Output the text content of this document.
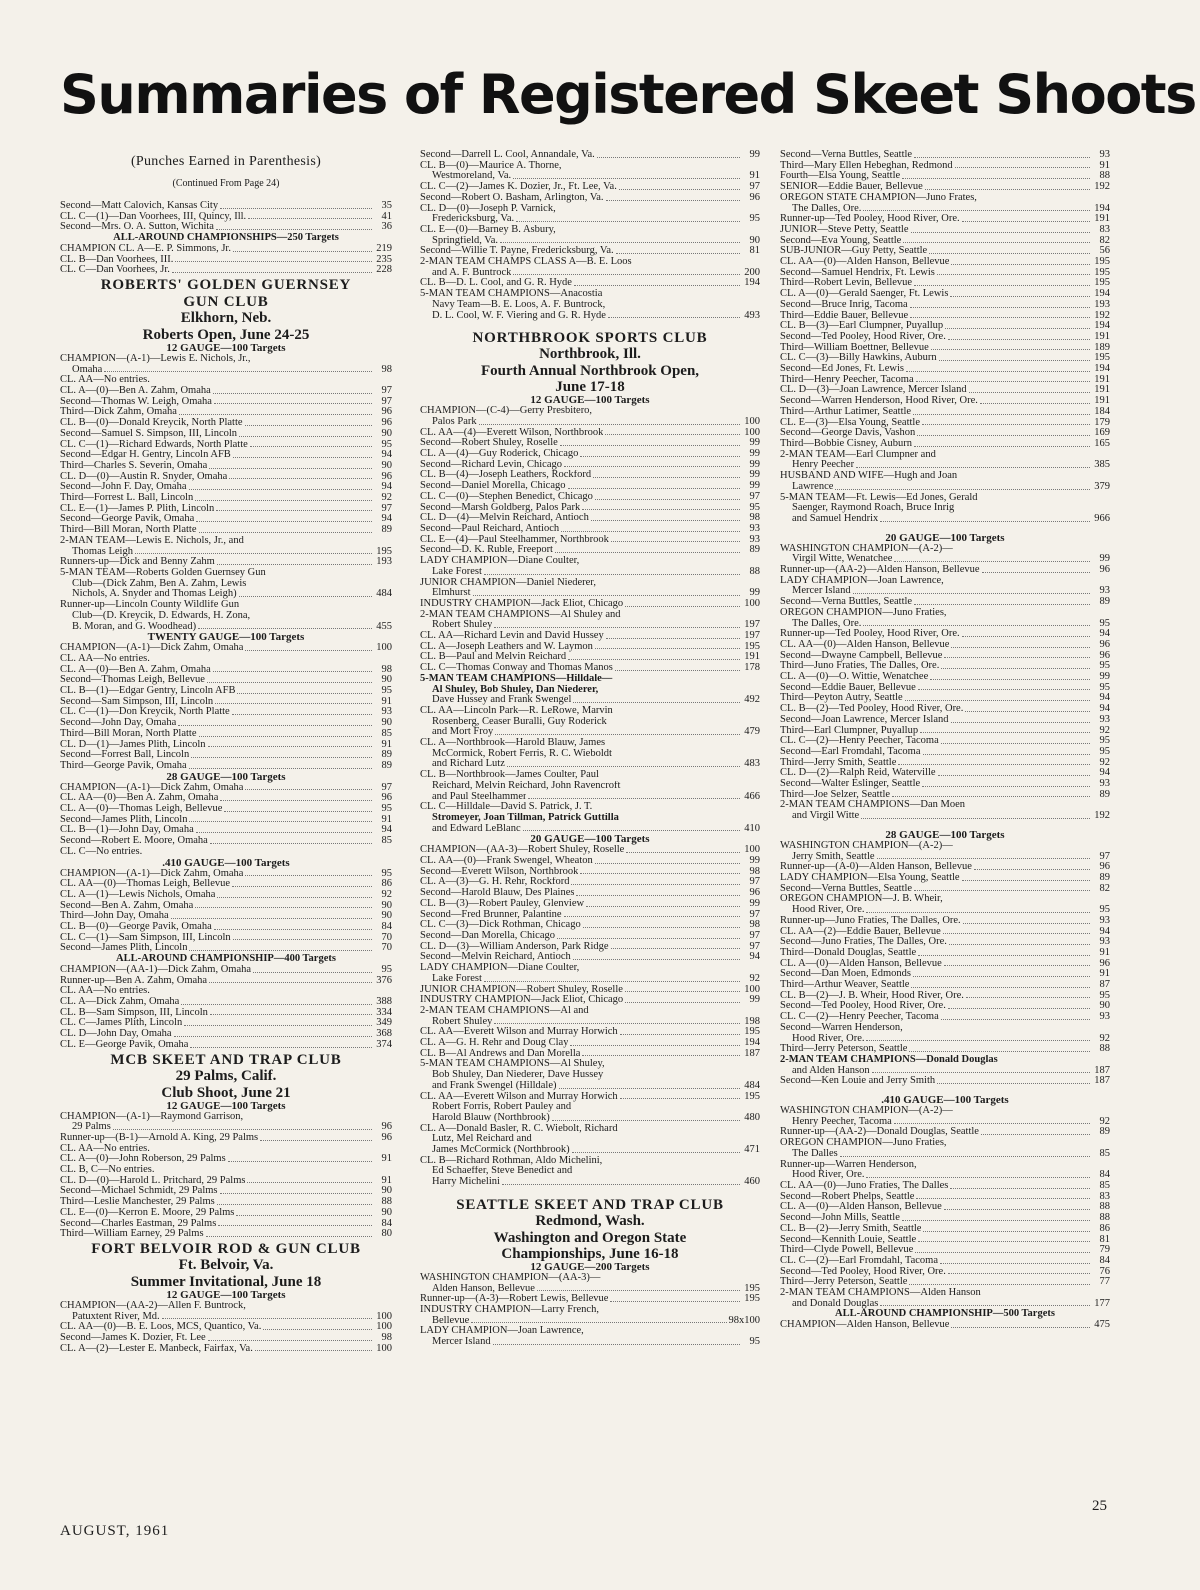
Summaries of Registered Skeet Shoots
(Punches Earned in Parenthesis)
(Continued From Page 24)
Second—Matt Calovich, Kansas City	35
CL. C—(1)—Dan Voorhees, III, Quincy, Ill.	41
Second—Mrs. O. A. Sutton, Wichita	36
ALL-AROUND CHAMPIONSHIPS—250 Targets
CHAMPION CL. A—E. P. Simmons, Jr.	219
CL. B—Dan Voorhees, III.	235
CL. C—Dan Voorhees, Jr.	228
ROBERTS' GOLDEN GUERNSEY
GUN CLUB
Elkhorn, Neb.
Roberts Open, June 24-25
12 GAUGE—100 Targets
CHAMPION—(A-1)—Lewis E. Nichols, Jr.,
Omaha	98
CL. AA—No entries.
CL. A—(0)—Ben A. Zahm, Omaha	97
Second—Thomas W. Leigh, Omaha	97
Third—Dick Zahm, Omaha	96
CL. B—(0)—Donald Kreycik, North Platte	96
Second—Samuel S. Simpson, III, Lincoln	90
CL. C—(1)—Richard Edwards, North Platte	95
Second—Edgar H. Gentry, Lincoln AFB	94
Third—Charles S. Severin, Omaha	90
CL. D—(0)—Austin R. Snyder, Omaha	96
Second—John F. Day, Omaha	94
Third—Forrest L. Ball, Lincoln	92
CL. E—(1)—James P. Plith, Lincoln	97
Second—George Pavik, Omaha	94
Third—Bill Moran, North Platte	89
2-MAN TEAM—Lewis E. Nichols, Jr., and
Thomas Leigh	195
Runners-up—Dick and Benny Zahm	193
5-MAN TEAM—Roberts Golden Guernsey Gun
Club—(Dick Zahm, Ben A. Zahm, Lewis
Nichols, A. Snyder and Thomas Leigh)	484
Runner-up—Lincoln County Wildlife Gun
Club—(D. Kreycik, D. Edwards, H. Zona,
B. Moran, and G. Woodhead)	455
TWENTY GAUGE—100 Targets
CHAMPION—(A-1)—Dick Zahm, Omaha	100
CL. AA—No entries.
CL. A—(0)—Ben A. Zahm, Omaha	98
Second—Thomas Leigh, Bellevue	90
CL. B—(1)—Edgar Gentry, Lincoln AFB	95
Second—Sam Simpson, III, Lincoln	91
CL. C—(1)—Don Kreycik, North Platte	93
Second—John Day, Omaha	90
Third—Bill Moran, North Platte	85
CL. D—(1)—James Plith, Lincoln	91
Second—Forrest Ball, Lincoln	89
Third—George Pavik, Omaha	89
28 GAUGE—100 Targets
CHAMPION—(A-1)—Dick Zahm, Omaha	97
CL. AA—(0)—Ben A. Zahm, Omaha	96
CL. A—(0)—Thomas Leigh, Bellevue	95
Second—James Plith, Lincoln	91
CL. B—(1)—John Day, Omaha	94
Second—Robert E. Moore, Omaha	85
CL. C—No entries.
.410 GAUGE—100 Targets
CHAMPION—(A-1)—Dick Zahm, Omaha	95
CL. AA—(0)—Thomas Leigh, Bellevue	86
CL. A—(1)—Lewis Nichols, Omaha	92
Second—Ben A. Zahm, Omaha	90
Third—John Day, Omaha	90
CL. B—(0)—George Pavik, Omaha	84
CL. C—(1)—Sam Simpson, III, Lincoln	70
Second—James Plith, Lincoln	70
ALL-AROUND CHAMPIONSHIP—400 Targets
CHAMPION—(AA-1)—Dick Zahm, Omaha	95
Runner-up—Ben A. Zahm, Omaha	376
CL. AA—No entries.
CL. A—Dick Zahm, Omaha	388
CL. B—Sam Simpson, III, Lincoln	334
CL. C—James Plith, Lincoln	349
CL. D—John Day, Omaha	368
CL. E—George Pavik, Omaha	374
MCB SKEET AND TRAP CLUB
29 Palms, Calif.
Club Shoot, June 21
12 GAUGE—100 Targets
CHAMPION—(A-1)—Raymond Garrison,
29 Palms	96
Runner-up—(B-1)—Arnold A. King, 29 Palms	96
CL. AA—No entries.
CL. A—(0)—John Roberson, 29 Palms	91
CL. B, C—No entries.
CL. D—(0)—Harold L. Pritchard, 29 Palms	91
Second—Michael Schmidt, 29 Palms	90
Third—Leslie Manchester, 29 Palms	88
CL. E—(0)—Kerron E. Moore, 29 Palms	90
Second—Charles Eastman, 29 Palms	84
Third—William Earney, 29 Palms	80
FORT BELVOIR ROD & GUN CLUB
Ft. Belvoir, Va.
Summer Invitational, June 18
12 GAUGE—100 Targets
CHAMPION—(AA-2)—Allen F. Buntrock,
Patuxtent River, Md.	100
CL. AA—(0)—B. E. Loos, MCS, Quantico, Va.	100
Second—James K. Dozier, Ft. Lee	98
CL. A—(2)—Lester E. Manbeck, Fairfax, Va.	100
Second—Darrell L. Cool, Annandale, Va.	99
CL. B—(0)—Maurice A. Thorne,
Westmoreland, Va.	91
CL. C—(2)—James K. Dozier, Jr., Ft. Lee, Va.	97
Second—Robert O. Basham, Arlington, Va.	96
CL. D—(0)—Joseph P. Varnick,
Fredericksburg, Va.	95
CL. E—(0)—Barney B. Asbury,
Springfield, Va.	90
Second—Willie T. Payne, Fredericksburg, Va.	81
2-MAN TEAM CHAMPS CLASS A—B. E. Loos
and A. F. Buntrock	200
CL. B—D. L. Cool, and G. R. Hyde	194
5-MAN TEAM CHAMPIONS—Anacostia
Navy Team—B. E. Loos, A. F. Buntrock,
D. L. Cool, W. F. Viering and G. R. Hyde	493
NORTHBROOK SPORTS CLUB
Northbrook, Ill.
Fourth Annual Northbrook Open,
June 17-18
12 GAUGE—100 Targets
CHAMPION—(C-4)—Gerry Presbitero,
Palos Park	100
CL. AA—(4)—Everett Wilson, Northbrook	100
Second—Robert Shuley, Roselle	99
CL. A—(4)—Guy Roderick, Chicago	99
Second—Richard Levin, Chicago	99
CL. B—(4)—Joseph Leathers, Rockford	99
Second—Daniel Morella, Chicago	99
CL. C—(0)—Stephen Benedict, Chicago	97
Second—Marsh Goldberg, Palos Park	95
CL. D—(4)—Melvin Reichard, Antioch	98
Second—Paul Reichard, Antioch	93
CL. E—(4)—Paul Steelhammer, Northbrook	93
Second—D. K. Ruble, Freeport	89
LADY CHAMPION—Diane Coulter,
Lake Forest	88
JUNIOR CHAMPION—Daniel Niederer,
Elmhurst	99
INDUSTRY CHAMPION—Jack Eliot, Chicago	100
2-MAN TEAM CHAMPIONS—Al Shuley and
Robert Shuley	197
CL. AA—Richard Levin and David Hussey	197
CL. A—Joseph Leathers and W. Laymon	195
CL. B—Paul and Melvin Reichard	191
CL. C—Thomas Conway and Thomas Manos	178
5-MAN TEAM CHAMPIONS—Hilldale—
Al Shuley, Bob Shuley, Dan Niederer,
Dave Hussey and Frank Swengel	492
CL. AA—Lincoln Park—R. LeRowe, Marvin
Rosenberg, Ceaser Buralli, Guy Roderick
and Mort Froy	479
CL. A—Northbrook—Harold Blauw, James
McCormick, Robert Ferris, R. C. Wieboldt
and Richard Lutz	483
CL. B—Northbrook—James Coulter, Paul
Reichard, Melvin Reichard, John Ravencroft
and Paul Steelhammer	466
CL. C—Hilldale—David S. Patrick, J. T.
Stromeyer, Joan Tillman, Patrick Guttilla
and Edward LeBlanc	410
20 GAUGE—100 Targets
CHAMPION—(AA-3)—Robert Shuley, Roselle	100
CL. AA—(0)—Frank Swengel, Wheaton	99
Second—Everett Wilson, Northbrook	98
CL. A—(3)—G. H. Rehr, Rockford	97
Second—Harold Blauw, Des Plaines	96
CL. B—(3)—Robert Pauley, Glenview	99
Second—Fred Brunner, Palantine	97
CL. C—(3)—Dick Rothman, Chicago	98
Second—Dan Morella, Chicago	97
CL. D—(3)—William Anderson, Park Ridge	97
Second—Melvin Reichard, Antioch	94
LADY CHAMPION—Diane Coulter,
Lake Forest	92
JUNIOR CHAMPION—Robert Shuley, Roselle	100
INDUSTRY CHAMPION—Jack Eliot, Chicago	99
2-MAN TEAM CHAMPIONS—Al and
Robert Shuley	198
CL. AA—Everett Wilson and Murray Horwich	195
CL. A—G. H. Rehr and Doug Clay	194
CL. B—Al Andrews and Dan Morella	187
5-MAN TEAM CHAMPIONS—Al Shuley,
Bob Shuley, Dan Niederer, Dave Hussey
and Frank Swengel (Hilldale)	484
CL. AA—Everett Wilson and Murray Horwich	195
Robert Forris, Robert Pauley and
Harold Blauw (Northbrook)	480
CL. A—Donald Basler, R. C. Wiebolt, Richard
Lutz, Mel Reichard and
James McCormick (Northbrook)	471
CL. B—Richard Rothman, Aldo Michelini,
Ed Schaeffer, Steve Benedict and
Harry Michelini	460
SEATTLE SKEET AND TRAP CLUB
Redmond, Wash.
Washington and Oregon State
Championships, June 16-18
12 GAUGE—200 Targets
WASHINGTON CHAMPION—(AA-3)—
Alden Hanson, Bellevue	195
Runner-up—(A-3)—Robert Lewis, Bellevue	195
INDUSTRY CHAMPION—Larry French,
Bellevue	98x100
LADY CHAMPION—Joan Lawrence,
Mercer Island	95
Second—Verna Buttles, Seattle	93
Third—Mary Ellen Hebeghan, Redmond	91
Fourth—Elsa Young, Seattle	88
SENIOR—Eddie Bauer, Bellevue	192
OREGON STATE CHAMPION—Juno Frates,
The Dalles, Ore.	194
Runner-up—Ted Pooley, Hood River, Ore.	191
JUNIOR—Steve Petty, Seattle	83
Second—Eva Young, Seattle	82
SUB-JUNIOR—Guy Petty, Seattle	56
CL. AA—(0)—Alden Hanson, Bellevue	195
Second—Samuel Hendrix, Ft. Lewis	195
Third—Robert Levin, Bellevue	195
CL. A—(0)—Gerald Saenger, Ft. Lewis	194
Second—Bruce Inrig, Tacoma	193
Third—Eddie Bauer, Bellevue	192
CL. B—(3)—Earl Clumpner, Puyallup	194
Second—Ted Pooley, Hood River, Ore.	191
Third—William Boettner, Bellevue	189
CL. C—(3)—Billy Hawkins, Auburn	195
Second—Ed Jones, Ft. Lewis	194
Third—Henry Peecher, Tacoma	191
CL. D—(3)—Joan Lawrence, Mercer Island	191
Second—Warren Henderson, Hood River, Ore.	191
Third—Arthur Latimer, Seattle	184
CL. E—(3)—Elsa Young, Seattle	179
Second—George Davis, Vashon	169
Third—Bobbie Cisney, Auburn	165
2-MAN TEAM—Earl Clumpner and
Henry Peecher	385
HUSBAND AND WIFE—Hugh and Joan
Lawrence	379
5-MAN TEAM—Ft. Lewis—Ed Jones, Gerald
Saenger, Raymond Roach, Bruce Inrig
and Samuel Hendrix	966
20 GAUGE—100 Targets
WASHINGTON CHAMPION—(A-2)—
Virgil Witte, Wenatchee	99
Runner-up—(AA-2)—Alden Hanson, Bellevue	96
LADY CHAMPION—Joan Lawrence,
Mercer Island	93
Second—Verna Buttles, Seattle	89
OREGON CHAMPION—Juno Fraties,
The Dalles, Ore.	95
Runner-up—Ted Pooley, Hood River, Ore.	94
CL. AA—(0)—Alden Hanson, Bellevue	96
Second—Dwayne Campbell, Bellevue	96
Third—Juno Fraties, The Dalles, Ore.	95
CL. A—(0)—O. Wittie, Wenatchee	99
Second—Eddie Bauer, Bellevue	95
Third—Peyton Autry, Seattle	94
CL. B—(2)—Ted Pooley, Hood River, Ore.	94
Second—Joan Lawrence, Mercer Island	93
Third—Earl Clumpner, Puyallup	92
CL. C—(2)—Henry Peecher, Tacoma	95
Second—Earl Fromdahl, Tacoma	95
Third—Jerry Smith, Seattle	92
CL. D—(2)—Ralph Reid, Waterville	94
Second—Walter Eslinger, Seattle	93
Third—Joe Selzer, Seattle	89
2-MAN TEAM CHAMPIONS—Dan Moen
and Virgil Witte	192
28 GAUGE—100 Targets
WASHINGTON CHAMPION—(A-2)—
Jerry Smith, Seattle	97
Runner-up—(A-0)—Alden Hanson, Bellevue	96
LADY CHAMPION—Elsa Young, Seattle	89
Second—Verna Buttles, Seattle	82
OREGON CHAMPION—J. B. Wheir,
Hood River, Ore.	95
Runner-up—Juno Fraties, The Dalles, Ore.	93
CL. AA—(2)—Eddie Bauer, Bellevue	94
Second—Juno Fraties, The Dalles, Ore.	93
Third—Donald Douglas, Seattle	91
CL. A—(0)—Alden Hanson, Bellevue	96
Second—Dan Moen, Edmonds	91
Third—Arthur Weaver, Seattle	87
CL. B—(2)—J. B. Wheir, Hood River, Ore.	95
Second—Ted Pooley, Hood River, Ore.	90
CL. C—(2)—Henry Peecher, Tacoma	93
Second—Warren Henderson,
Hood River, Ore.	92
Third—Jerry Peterson, Seattle	88
2-MAN TEAM CHAMPIONS—Donald Douglas
and Alden Hanson	187
Second—Ken Louie and Jerry Smith	187
.410 GAUGE—100 Targets
WASHINGTON CHAMPION—(A-2)—
Henry Peecher, Tacoma	92
Runner-up—(AA-2)—Donald Douglas, Seattle	89
OREGON CHAMPION—Juno Fraties,
The Dalles	85
Runner-up—Warren Henderson,
Hood River, Ore.	84
CL. AA—(0)—Juno Fraties, The Dalles	85
Second—Robert Phelps, Seattle	83
CL. A—(0)—Alden Hanson, Bellevue	88
Second—John Mills, Seattle	88
CL. B—(2)—Jerry Smith, Seattle	86
Second—Kennith Louie, Seattle	81
Third—Clyde Powell, Bellevue	79
CL. C—(2)—Earl Fromdahl, Tacoma	84
Second—Ted Pooley, Hood River, Ore.	76
Third—Jerry Peterson, Seattle	77
2-MAN TEAM CHAMPIONS—Alden Hanson
and Donald Douglas	177
ALL-AROUND CHAMPIONSHIP—500 Targets
CHAMPION—Alden Hanson, Bellevue	475
AUGUST, 1961
25
